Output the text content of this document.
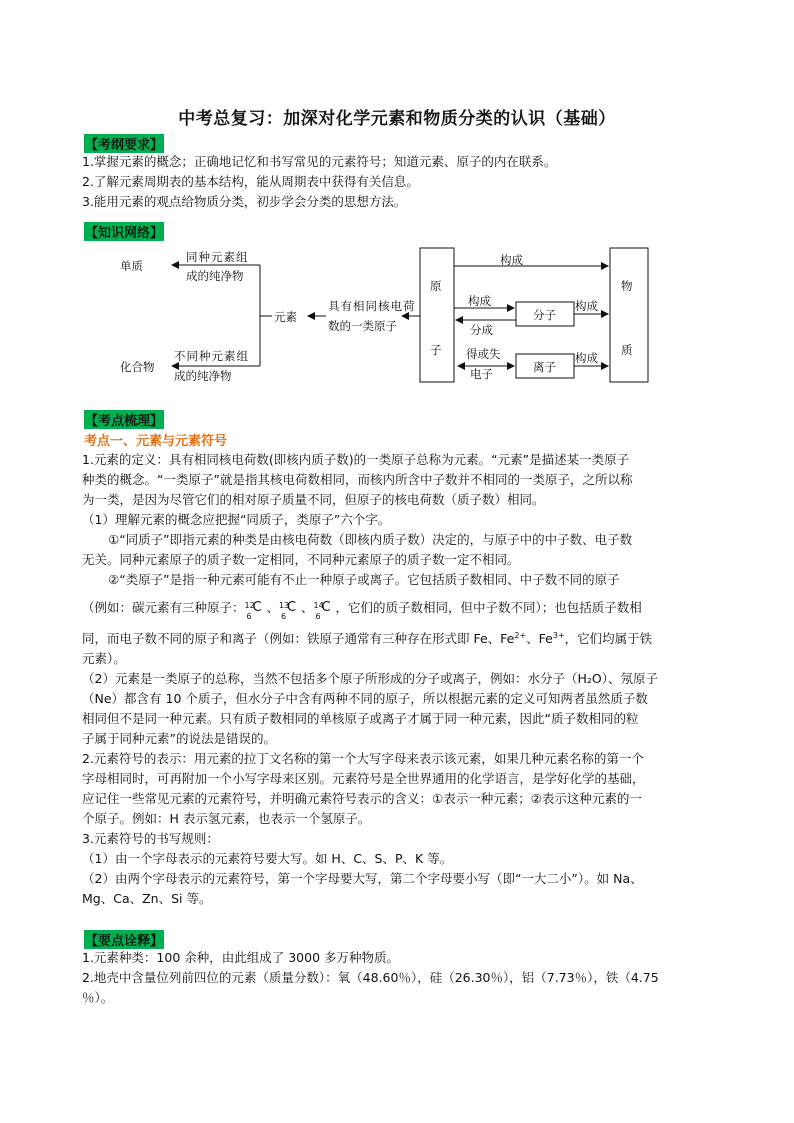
中考总复习：加深对化学元素和物质分类的认识（基础）
【考纲要求】

1.掌握元素的概念；正确地记忆和书写常见的元素符号；知道元素、原子的内在联系。

2.了解元素周期表的基本结构，能从周期表中获得有关信息。

3.能用元素的观点给物质分类，初步学会分类的思想方法。

【知识网络】
单质
同种元素组
成的纯净物
化合物
不同种元素组
成的纯净物
元素
具有相同核电荷
数的一类原子
原
子
构成
构成
分成
得或失
电子
分子
离子
构成
构成
物
质
【考点梳理】
考点一、元素与元素符号

1.元素的定义：具有相同核电荷数(即核内质子数)的一类原子总称为元素。“元素”是描述某一类原子

种类的概念。“一类原子”就是指其核电荷数相同，而核内所含中子数并不相同的一类原子，之所以称

为一类，是因为尽管它们的相对原子质量不同，但原子的核电荷数（质子数）相同。

（1）理解元素的概念应把握“同质子，类原子”六个字。

①“同质子”即指元素的种类是由核电荷数（即核内质子数）决定的，与原子中的中子数、电子数

无关。同种元素原子的质子数一定相同，不同种元素原子的质子数一定不相同。

②“类原子”是指一种元素可能有不止一种原子或离子。它包括质子数相同、中子数不同的原子

（例如：碳元素有三种原子： 12
6
C 、 13
6
C 、 14
6
C ，它们的质子数相同，但中子数不同）；也包括质子数相

同，而电子数不同的原子和离子（例如：铁原子通常有三种存在形式即 Fe、$Fe^{2+}$、$Fe^{3+}$，它们均属于铁

元素）。

（2）元素是一类原子的总称，当然不包括多个原子所形成的分子或离子，例如：水分子（H₂O）、氖原子

（Ne）都含有 10 个质子，但水分子中含有两种不同的原子，所以根据元素的定义可知两者虽然质子数

相同但不是同一种元素。只有质子数相同的单核原子或离子才属于同一种元素，因此“质子数相同的粒

子属于同种元素”的说法是错误的。

2.元素符号的表示：用元素的拉丁文名称的第一个大写字母来表示该元素，如果几种元素名称的第一个

字母相同时，可再附加一个小写字母来区别。元素符号是全世界通用的化学语言，是学好化学的基础，

应记住一些常见元素的元素符号，并明确元素符号表示的含义：①表示一种元素；②表示这种元素的一

个原子。例如：H 表示氢元素，也表示一个氢原子。

3.元素符号的书写规则：

（1）由一个字母表示的元素符号要大写。如 H、C、S、P、K 等。

（2）由两个字母表示的元素符号，第一个字母要大写，第二个字母要小写（即“一大二小”）。如 Na、

Mg、Ca、Zn、Si 等。

【要点诠释】

1.元素种类：100 余种，由此组成了 3000 多万种物质。

2.地壳中含量位列前四位的元素（质量分数）：氧（48.60％），硅（26.30％），铝（7.73％），铁（4.75

％）。
